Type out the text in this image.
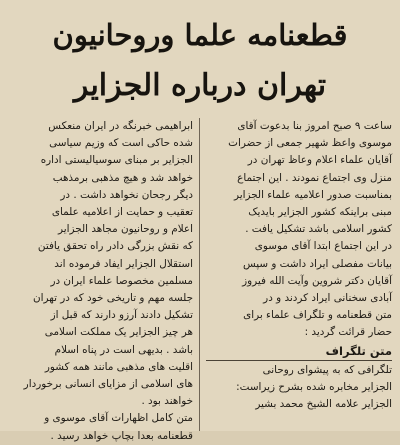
قطعنامه علما وروحانیون
تهران درباره الجزایر
ساعت ۹ صبح امروز بنا بدعوت آقای
موسوی واعظ شهیر جمعی از حضرات
آقایان علماء اعلام وعاظ تهران در
منزل وی اجتماع نمودند . این اجتماع
بمناسبت صدور اعلامیه علماء الجزایر
مبنی براینکه کشور الجزایر بایدیک
کشور اسلامی باشد تشکیل یافت .
در این اجتماع ابتدا آقای موسوی
بیانات مفصلی ایراد داشت و سپس
آقایان دکتر شروین وآیت الله فیروز
آبادی سخنانی ایراد کردند و در
متن قطعنامه و تلگراف علماء برای
حضار قرائت گردید :
متن تلگراف
تلگرافی که به پیشوای روحانی
الجزایر مخابره شده بشرح زیراست:
الجزایر علامه الشیخ محمد بشیر
ابراهیمی خبرنگه در ایران منعکس
شده حاکی است که وزیم سیاسی
الجزایر بر مبنای سوسیالیستی اداره
خواهد شد و هیچ مذهبی برمذهب
دیگر رجحان نخواهد داشت . در
تعقیب و حمایت از اعلامیه علمای
اعلام و روحانیون مجاهد الجزایر
که نقش بزرگی دادر راه تحقق یافتن
استقلال الجزایر ایفاد فرموده اند
مسلمین مخصوصا علماء ایران در
جلسه مهم و تاریخی خود که در تهران
تشکیل دادند آرزو دارند که قبل از
هر چیز الجزایر یک مملکت اسلامی
باشد . بدیهی است در پناه اسلام
اقلیت های مذهبی مانند همه کشور
های اسلامی از مزایای انسانی برخوردار
خواهند بود .
متن کامل اظهارات آقای موسوی و
قطعنامه بعدا بچاپ خواهد رسید .
